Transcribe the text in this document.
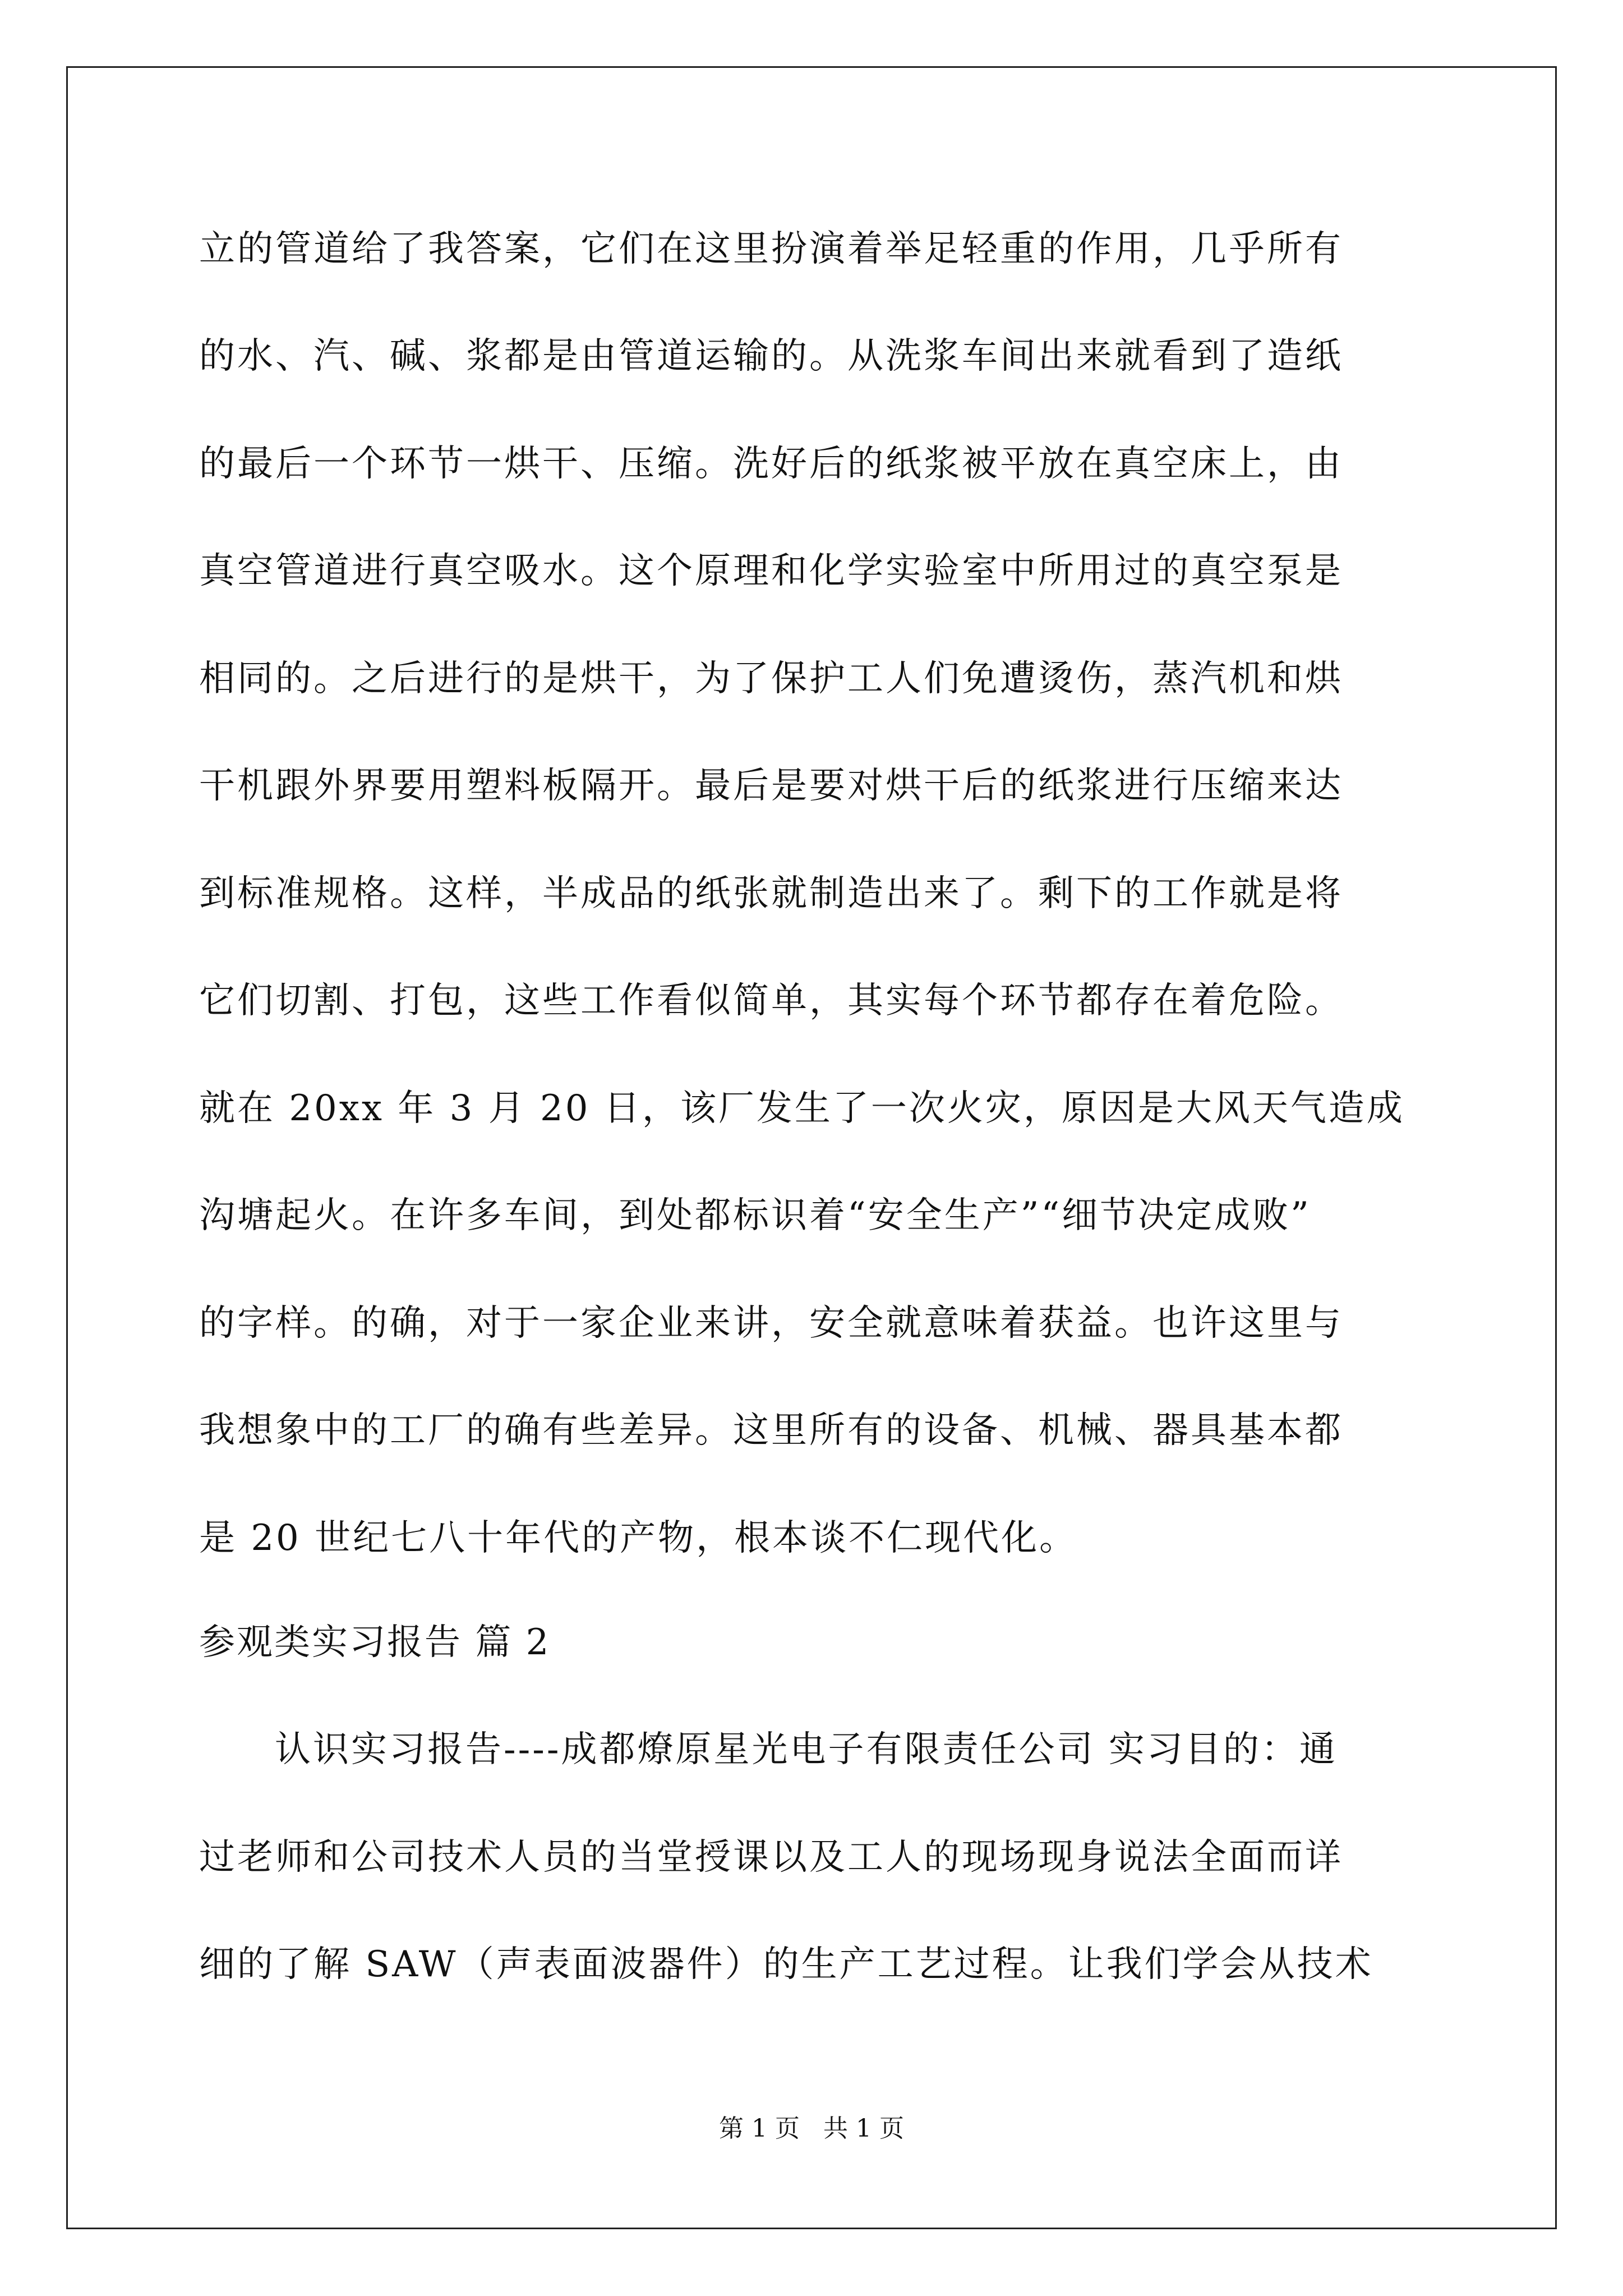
立的管道给了我答案，它们在这里扮演着举足轻重的作用，几乎所有
的水、汽、碱、浆都是由管道运输的。从洗浆车间出来就看到了造纸
的最后一个环节一烘干、压缩。洗好后的纸浆被平放在真空床上，由
真空管道进行真空吸水。这个原理和化学实验室中所用过的真空泵是
相同的。之后进行的是烘干，为了保护工人们免遭烫伤，蒸汽机和烘
干机跟外界要用塑料板隔开。最后是要对烘干后的纸浆进行压缩来达
到标准规格。这样，半成品的纸张就制造出来了。剩下的工作就是将
它们切割、打包，这些工作看似简单，其实每个环节都存在着危险。
就在 20xx 年 3 月 20 日，该厂发生了一次火灾，原因是大风天气造成
沟塘起火。在许多车间，到处都标识着“安全生产”“细节决定成败”
的字样。的确，对于一家企业来讲，安全就意味着获益。也许这里与
我想象中的工厂的确有些差异。这里所有的设备、机械、器具基本都
是 20 世纪七八十年代的产物，根本谈不仁现代化。
参观类实习报告 篇 2
认识实习报告----成都燎原星光电子有限责任公司 实习目的：通
过老师和公司技术人员的当堂授课以及工人的现场现身说法全面而详
细的了解 SAW（声表面波器件）的生产工艺过程。让我们学会从技术
第 1 页   共 1 页
